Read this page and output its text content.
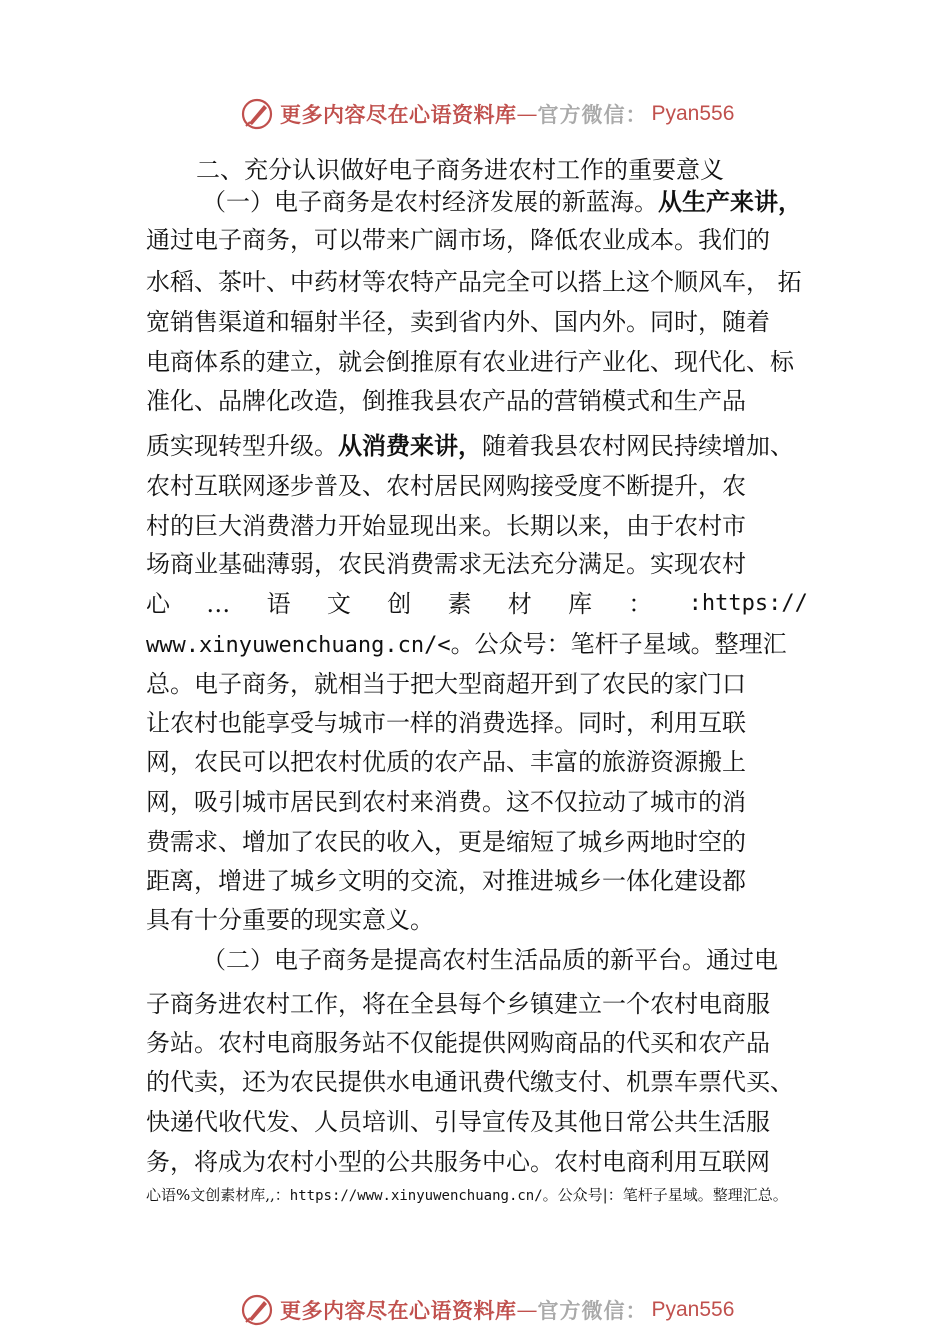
更多内容尽在心语资料库 — 官方微信： Pyan556
二、充分认识做好电子商务进农村工作的重要意义
（一）电子商务是农村经济发展的新蓝海。从生产来讲，
通过电子商务，可以带来广阔市场，降低农业成本。我们的
水稻、茶叶、中药材等农特产品完全可以搭上这个顺风车， 拓
宽销售渠道和辐射半径，卖到省内外、国内外。同时，随着
电商体系的建立，就会倒推原有农业进行产业化、现代化、标
准化、品牌化改造，倒推我县农产品的营销模式和生产品
质实现转型升级。从消费来讲，随着我县农村网民持续增加、
农村互联网逐步普及、农村居民网购接受度不断提升，农
村的巨大消费潜力开始显现出来。长期以来，由于农村市
场商业基础薄弱，农民消费需求无法充分满足。实现农村
心 … 语 文 创 素 材 库 ： :https://
www.xinyuwenchuang.cn/<。公众号：笔杆子星域。整理汇
总。电子商务，就相当于把大型商超开到了农民的家门口
让农村也能享受与城市一样的消费选择。同时，利用互联
网，农民可以把农村优质的农产品、丰富的旅游资源搬上
网，吸引城市居民到农村来消费。这不仅拉动了城市的消
费需求、增加了农民的收入，更是缩短了城乡两地时空的
距离，增进了城乡文明的交流，对推进城乡一体化建设都
具有十分重要的现实意义。
（二）电子商务是提高农村生活品质的新平台。通过电
子商务进农村工作，将在全县每个乡镇建立一个农村电商服
务站。农村电商服务站不仅能提供网购商品的代买和农产品
的代卖，还为农民提供水电通讯费代缴支付、机票车票代买、
快递代收代发、人员培训、引导宣传及其他日常公共生活服
务，将成为农村小型的公共服务中心。农村电商利用互联网
心语%文创素材库,,：https://www.xinyuwenchuang.cn/。公众号|：笔杆子星域。整理汇总。
更多内容尽在心语资料库 — 官方微信： Pyan556
